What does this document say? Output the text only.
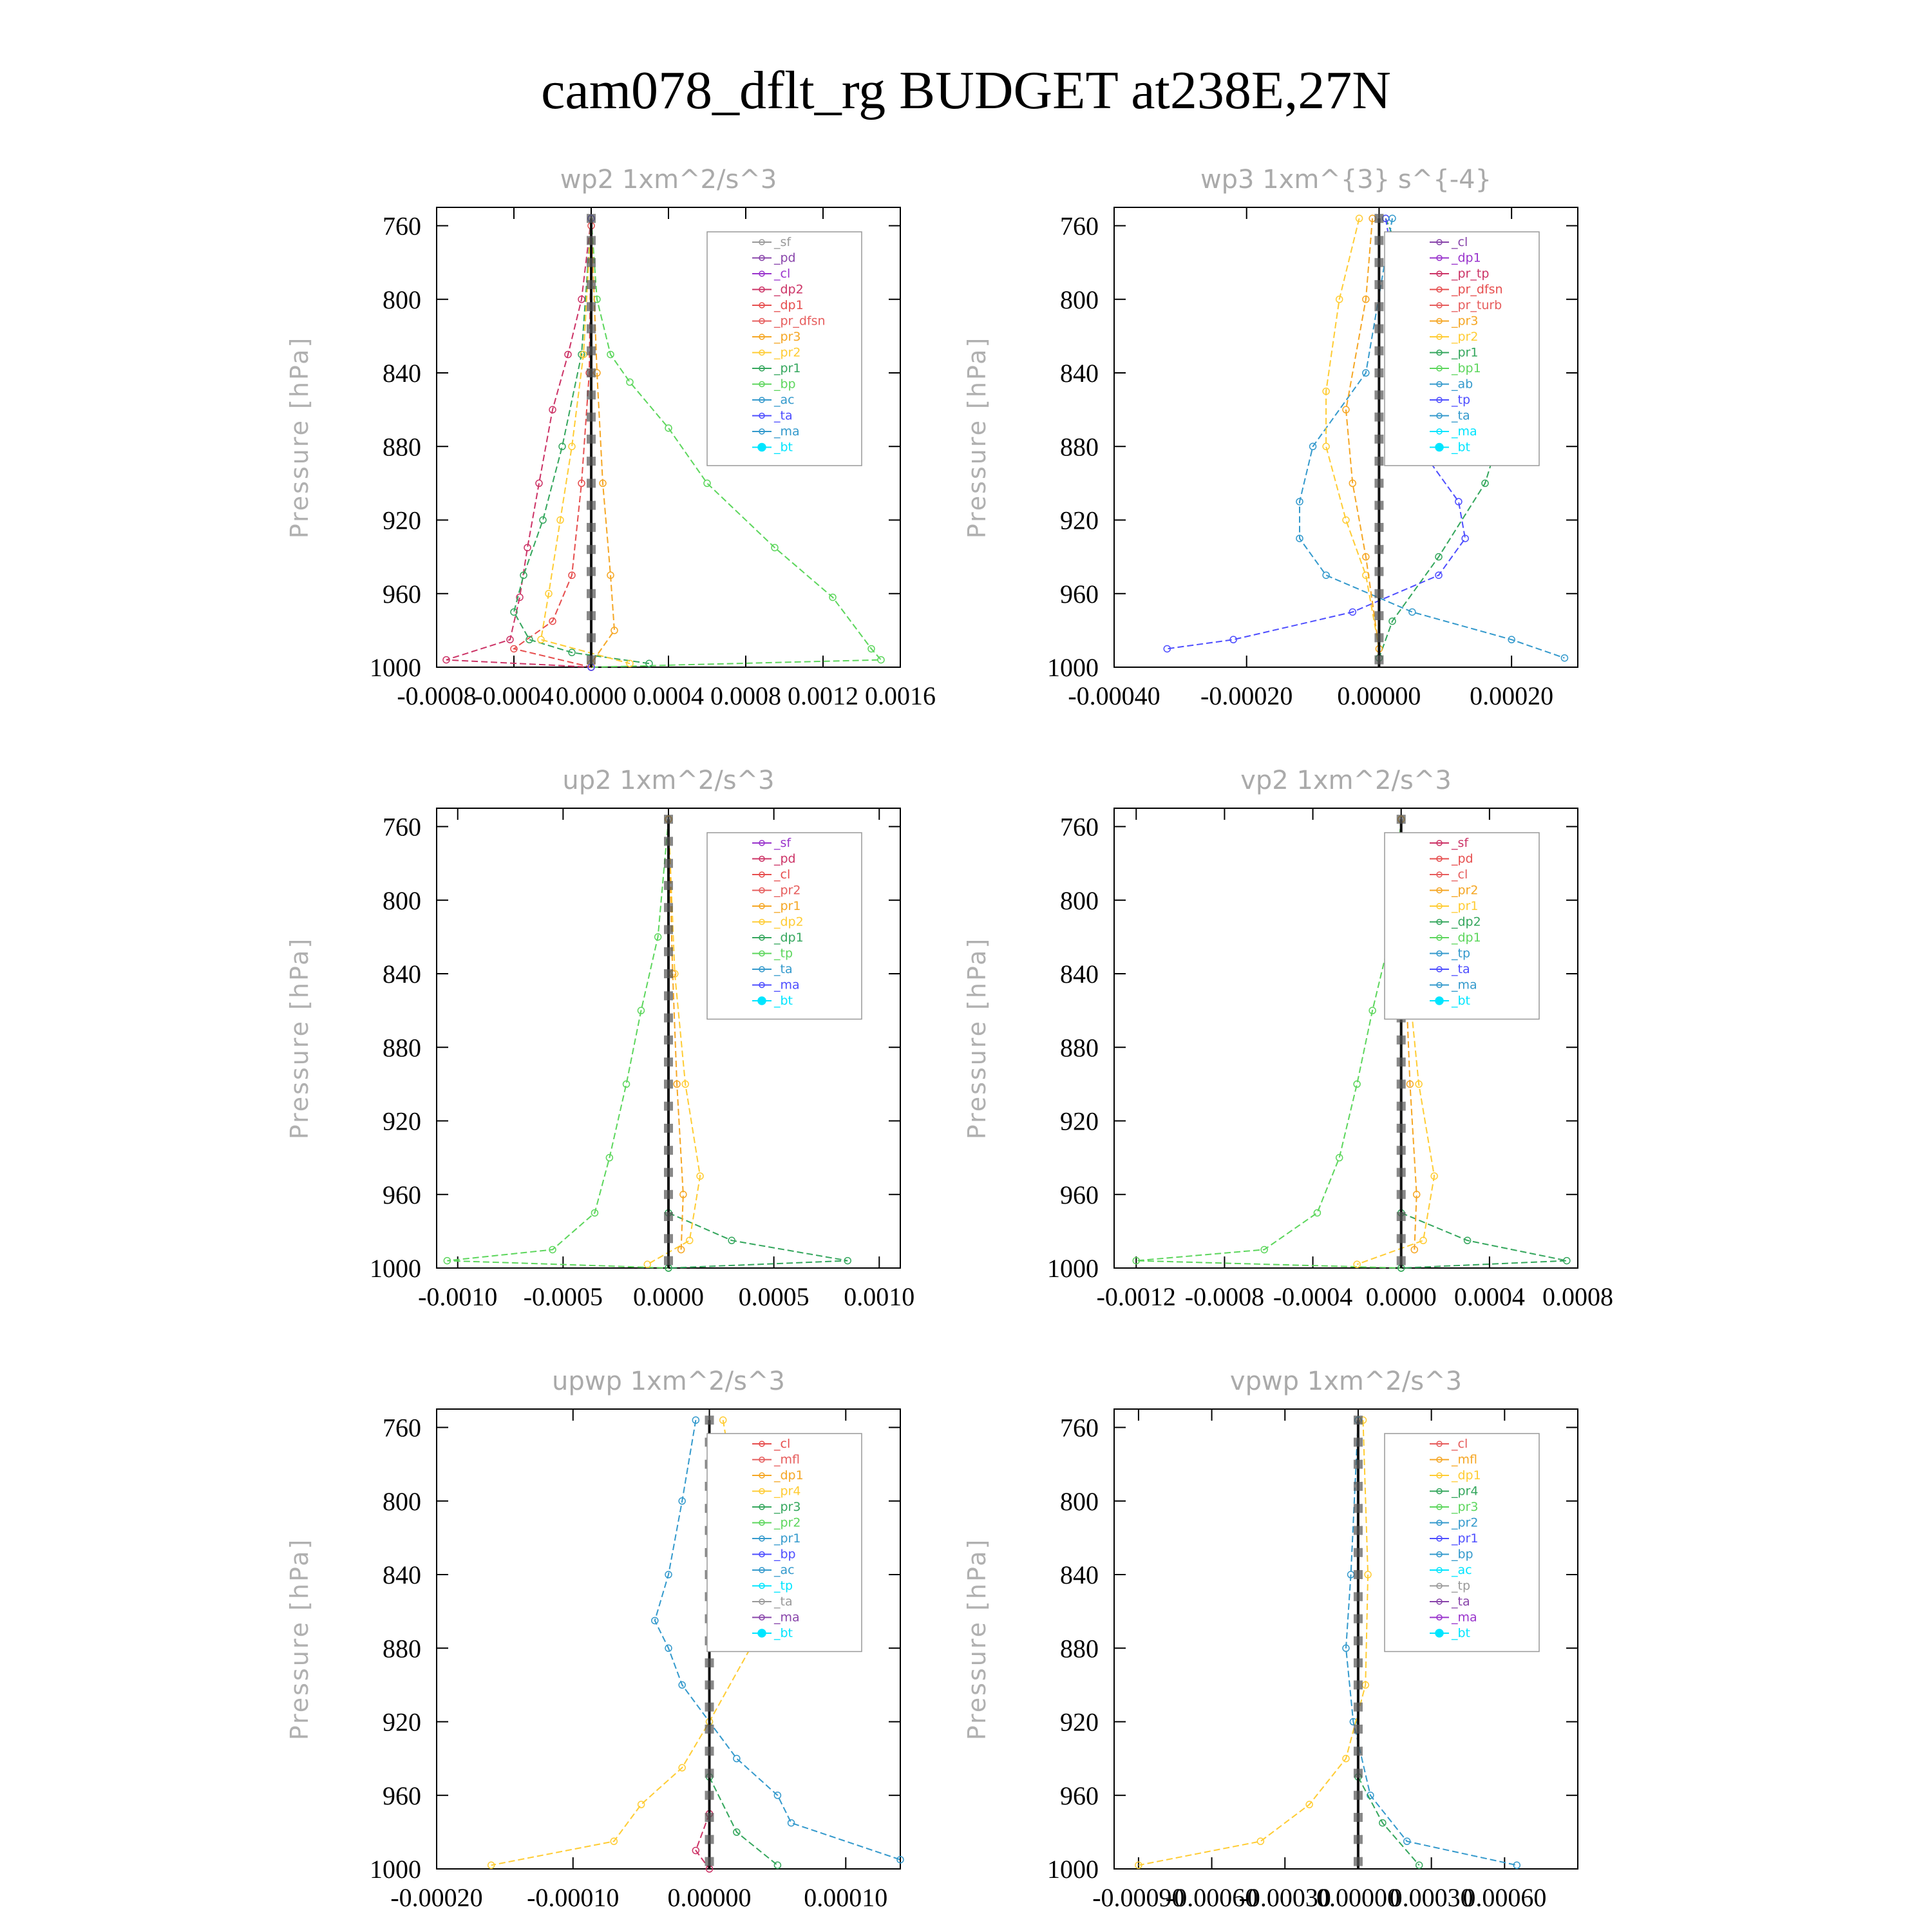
cam078_dflt_rg BUDGET at238E,27N
wp2 1xm^2/s^3
Pressure [hPa]
760
800
840
880
920
960
1000
-0.0008
-0.0004 0.0000 0.0004 0.0008 0.0012 0.0016
_sf
_pd
_cl
_dp2
_dp1
_pr_dfsn
_pr3
_pr2
_pr1
_bp
_ac
_ta
_ma
_bt
wp3 1xm^{3} s^{-4}
Pressure [hPa]
760
800
840
880
920
960
1000
-0.00040 -0.00020 0.00000 0.00020
_cl
_dp1
_pr_tp
_pr_dfsn
_pr_turb
_pr3
_pr2
_pr1
_bp1
_ab
_tp
_ta
_ma
_bt
up2 1xm^2/s^3
Pressure [hPa]
760
800
840
880
920
960
1000
-0.0010 -0.0005 0.0000 0.0005 0.0010
_sf
_pd
_cl
_pr2
_pr1
_dp2
_dp1
_tp
_ta
_ma
_bt
vp2 1xm^2/s^3
Pressure [hPa]
760
800
840
880
920
960
1000
-0.0012 -0.0008 -0.0004 0.0000 0.0004 0.0008
_sf
_pd
_cl
_pr2
_pr1
_dp2
_dp1
_tp
_ta
_ma
_bt
upwp 1xm^2/s^3
Pressure [hPa]
760
800
840
880
920
960
1000
-0.00020 -0.00010 0.00000 0.00010
_cl
_mfl
_dp1
_pr4
_pr3
_pr2
_pr1
_bp
_ac
_tp
_ta
_ma
_bt
vpwp 1xm^2/s^3
Pressure [hPa]
760
800
840
880
920
960
1000
-0.00090
-0.00060
-0.00030
0.00000
0.00030
0.00060
_cl
_mfl
_dp1
_pr4
_pr3
_pr2
_pr1
_bp
_ac
_tp
_ta
_ma
_bt
